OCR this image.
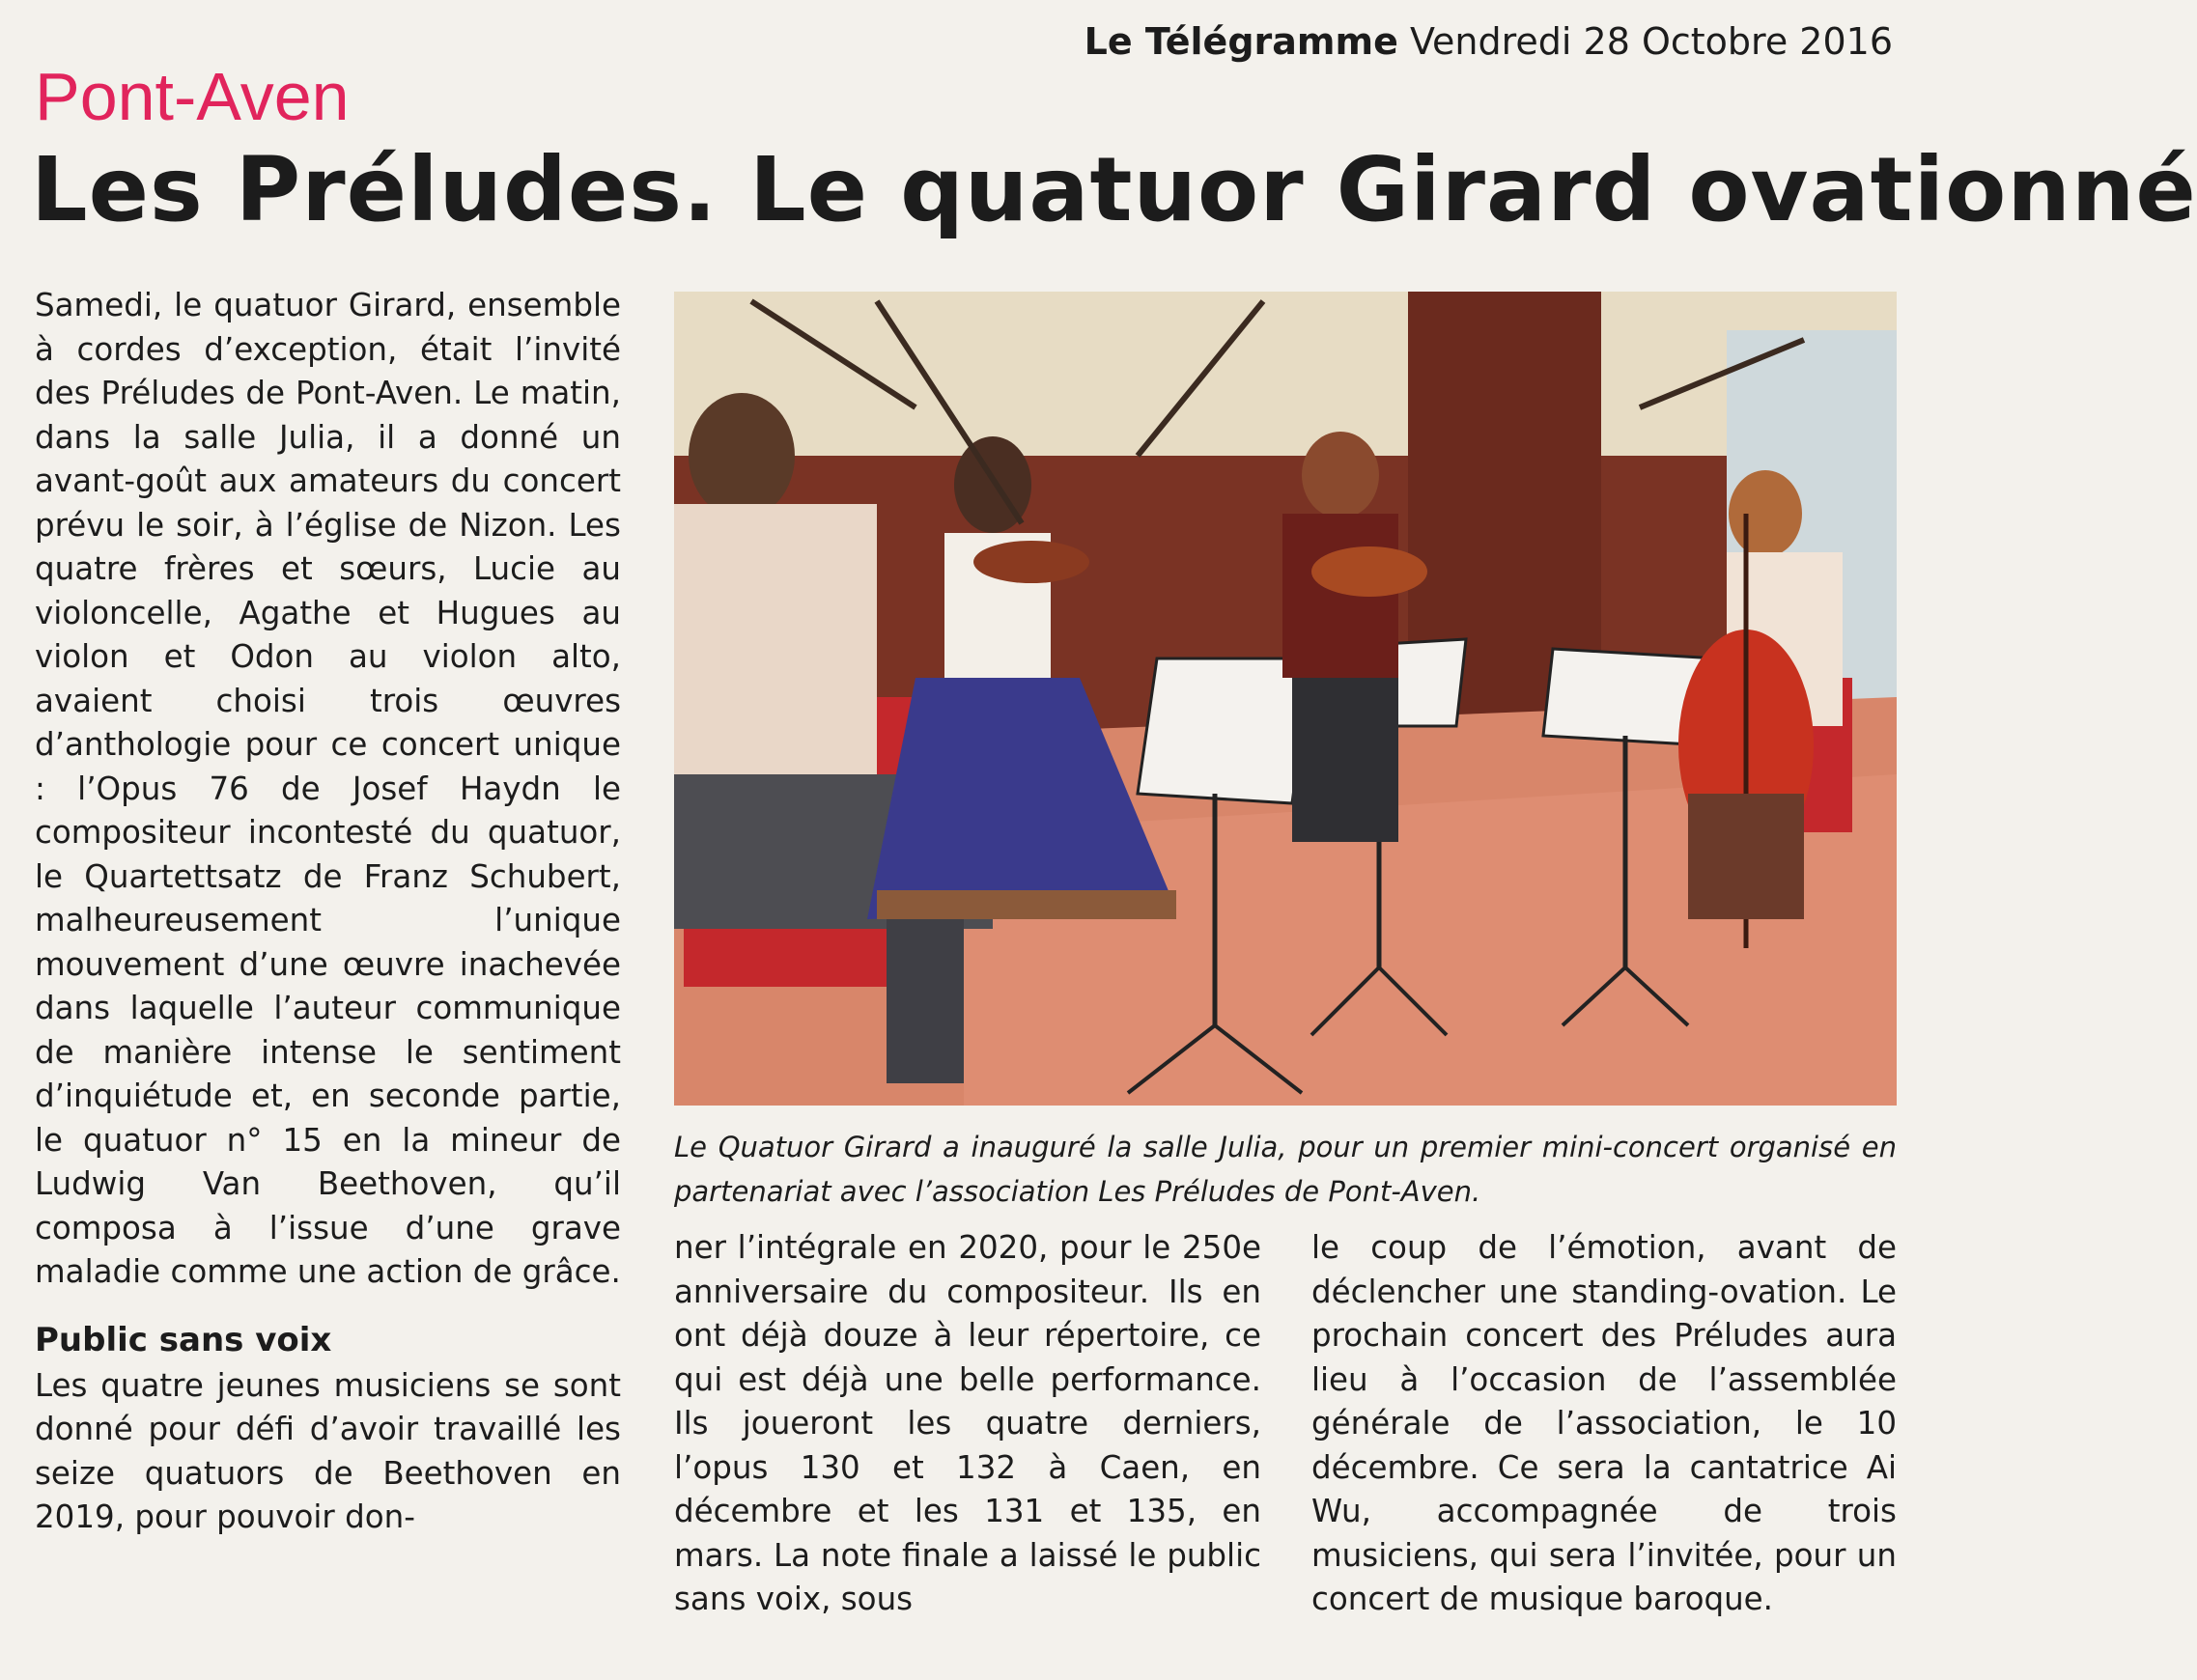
Le Télégramme Vendredi 28 Octobre 2016
Pont-Aven
Les Préludes. Le quatuor Girard ovationné

Samedi, le quatuor Girard, ensemble à cordes d’exception, était l’invité des Préludes de Pont-Aven. Le matin, dans la salle Julia, il a donné un avant-goût aux amateurs du concert prévu le soir, à l’église de Nizon. Les quatre frères et sœurs, Lucie au violoncelle, Agathe et Hugues au violon et Odon au violon alto, avaient choisi trois œuvres d’anthologie pour ce concert unique : l’Opus 76 de Josef Haydn le compositeur incontesté du quatuor, le Quartettsatz de Franz Schubert, malheureusement l’unique mouvement d’une œuvre inachevée dans laquelle l’auteur communique de manière intense le sentiment d’inquiétude et, en seconde partie, le quatuor n° 15 en la mineur de Ludwig Van Beethoven, qu’il composa à l’issue d’une grave maladie comme une action de grâce.

Public sans voix

Les quatre jeunes musiciens se sont donné pour défi d’avoir travaillé les seize quatuors de Beethoven en 2019, pour pouvoir don-

Le Quatuor Girard a inauguré la salle Julia, pour un premier mini-concert organisé en partenariat avec l’association Les Préludes de Pont-Aven.

ner l’intégrale en 2020, pour le 250e anniversaire du compositeur. Ils en ont déjà douze à leur répertoire, ce qui est déjà une belle performance. Ils joueront les quatre derniers, l’opus 130 et 132 à Caen, en décembre et les 131 et 135, en mars. La note finale a laissé le public sans voix, sous

le coup de l’émotion, avant de déclencher une standing-ovation. Le prochain concert des Préludes aura lieu à l’occasion de l’assemblée générale de l’association, le 10 décembre. Ce sera la cantatrice Ai Wu, accompagnée de trois musiciens, qui sera l’invitée, pour un concert de musique baroque.
